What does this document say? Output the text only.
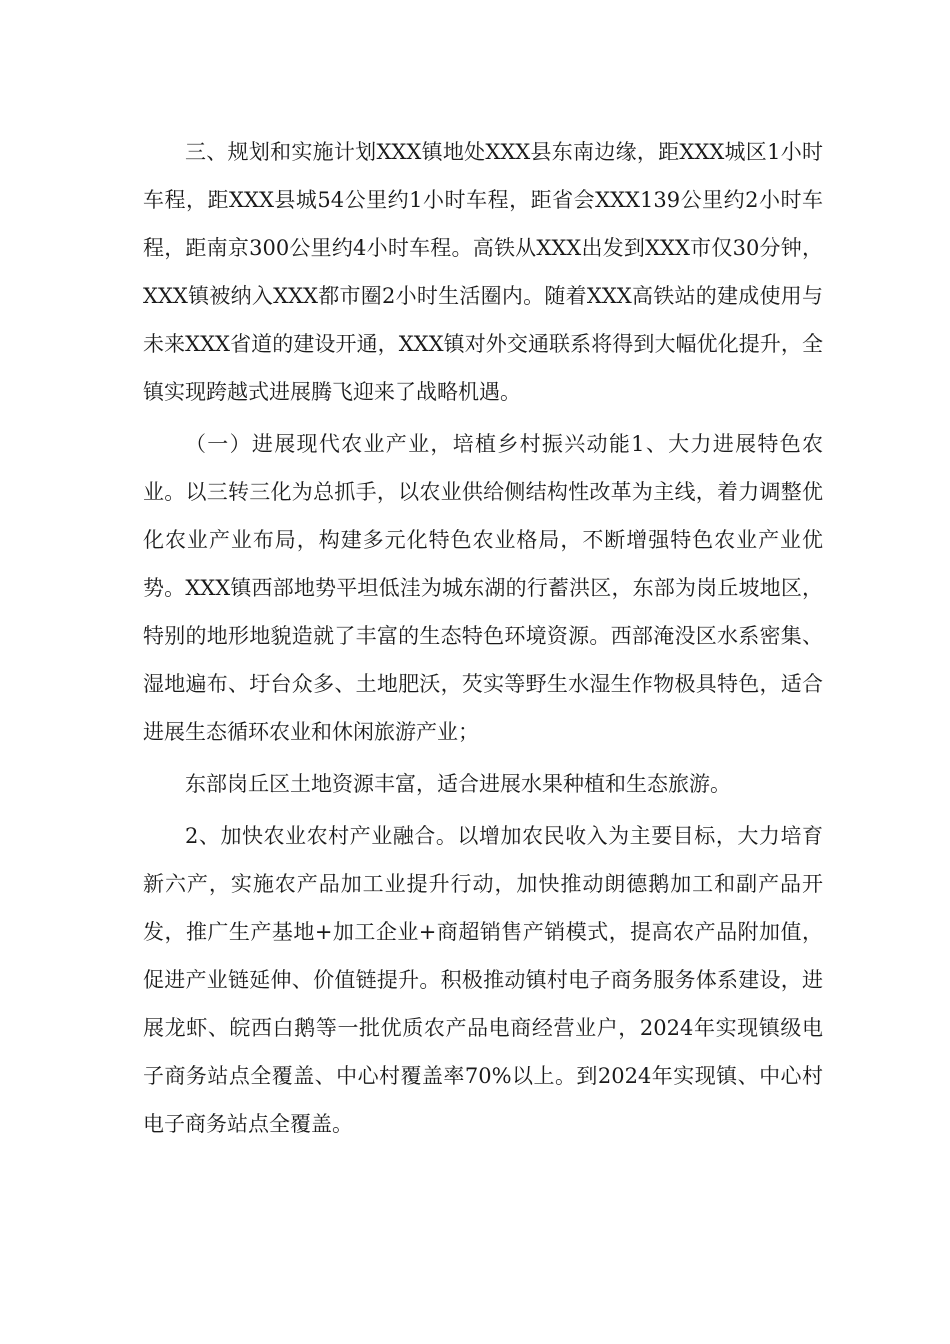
三、规划和实施计划XXX镇地处XXX县东南边缘，距XXX城区1小时车程，距XXX县城54公里约1小时车程，距省会XXX139公里约2小时车程，距南京300公里约4小时车程。高铁从XXX出发到XXX市仅30分钟，XXX镇被纳入XXX都市圈2小时生活圈内。随着XXX高铁站的建成使用与未来XXX省道的建设开通，XXX镇对外交通联系将得到大幅优化提升，全镇实现跨越式进展腾飞迎来了战略机遇。

（一）进展现代农业产业，培植乡村振兴动能1、大力进展特色农业。以三转三化为总抓手，以农业供给侧结构性改革为主线，着力调整优化农业产业布局，构建多元化特色农业格局，不断增强特色农业产业优势。XXX镇西部地势平坦低洼为城东湖的行蓄洪区，东部为岗丘坡地区，特别的地形地貌造就了丰富的生态特色环境资源。西部淹没区水系密集、湿地遍布、圩台众多、土地肥沃，芡实等野生水湿生作物极具特色，适合进展生态循环农业和休闲旅游产业；

东部岗丘区土地资源丰富，适合进展水果种植和生态旅游。

2、加快农业农村产业融合。以增加农民收入为主要目标，大力培育新六产，实施农产品加工业提升行动，加快推动朗德鹅加工和副产品开发，推广生产基地+加工企业+商超销售产销模式，提高农产品附加值，促进产业链延伸、价值链提升。积极推动镇村电子商务服务体系建设，进展龙虾、皖西白鹅等一批优质农产品电商经营业户，2024年实现镇级电子商务站点全覆盖、中心村覆盖率70%以上。到2024年实现镇、中心村电子商务站点全覆盖。
